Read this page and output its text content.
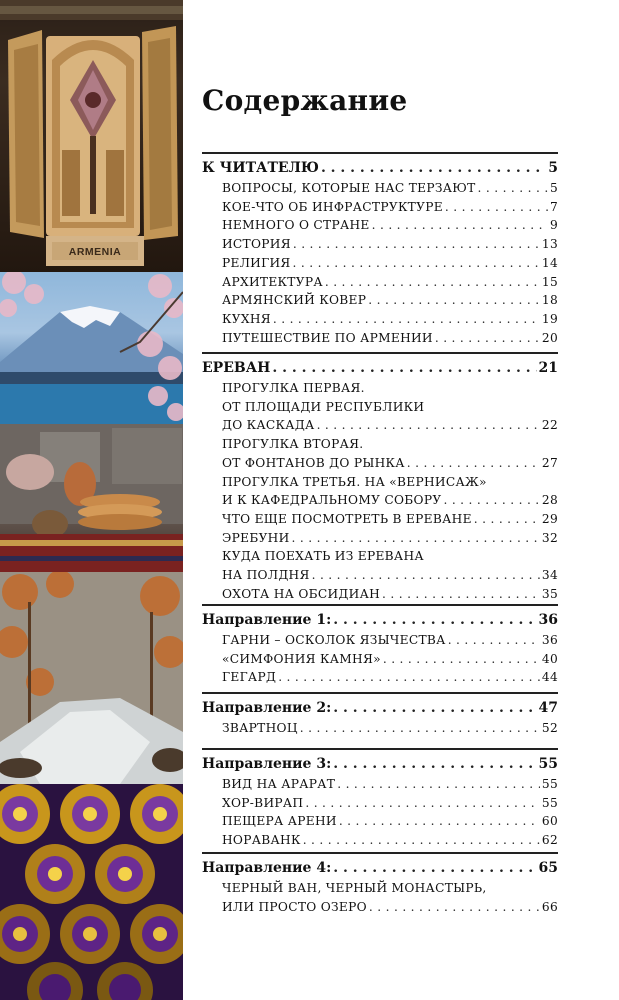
ARMENIA
Содержание
К ЧИТАТЕЛЮ . . .	5
ВОПРОСЫ, КОТОРЫЕ НАС ТЕРЗАЮТ . . .	5
КОЕ-ЧТО ОБ ИНФРАСТРУКТУРЕ . . .	7
НЕМНОГО О СТРАНЕ . . .	9
ИСТОРИЯ . . .	13
РЕЛИГИЯ . . .	14
АРХИТЕКТУРА . . .	15
АРМЯНСКИЙ КОВЕР . . .	18
КУХНЯ . . .	19
ПУТЕШЕСТВИЕ ПО АРМЕНИИ . . .	20
ЕРЕВАН . . .	21
ПРОГУЛКА ПЕРВАЯ.
ОТ ПЛОЩАДИ РЕСПУБЛИКИ
ДО КАСКАДА . . .	22
ПРОГУЛКА ВТОРАЯ.
ОТ ФОНТАНОВ ДО РЫНКА . . .	27
ПРОГУЛКА ТРЕТЬЯ. НА «ВЕРНИСАЖ»
И К КАФЕДРАЛЬНОМУ СОБОРУ . . .	28
ЧТО ЕЩЕ ПОСМОТРЕТЬ В ЕРЕВАНЕ . . .	29
ЭРЕБУНИ . . .	32
КУДА ПОЕХАТЬ ИЗ ЕРЕВАНА
НА ПОЛДНЯ . . .	34
ОХОТА НА ОБСИДИАН . . .	35
Направление 1: . . .	36
ГАРНИ – ОСКОЛОК ЯЗЫЧЕСТВА . . .	36
«СИМФОНИЯ КАМНЯ» . . .	40
ГЕГАРД . . .	44
Направление 2: . . .	47
ЗВАРТНОЦ . . .	52
Направление 3: . . .	55
ВИД НА АРАРАТ . . .	55
ХОР-ВИРАП . . .	55
ПЕЩЕРА АРЕНИ . . .	60
НОРАВАНК . . .	62
Направление 4: . . .	65
ЧЕРНЫЙ ВАН, ЧЕРНЫЙ МОНАСТЫРЬ,
ИЛИ ПРОСТО ОЗЕРО . . .	66
